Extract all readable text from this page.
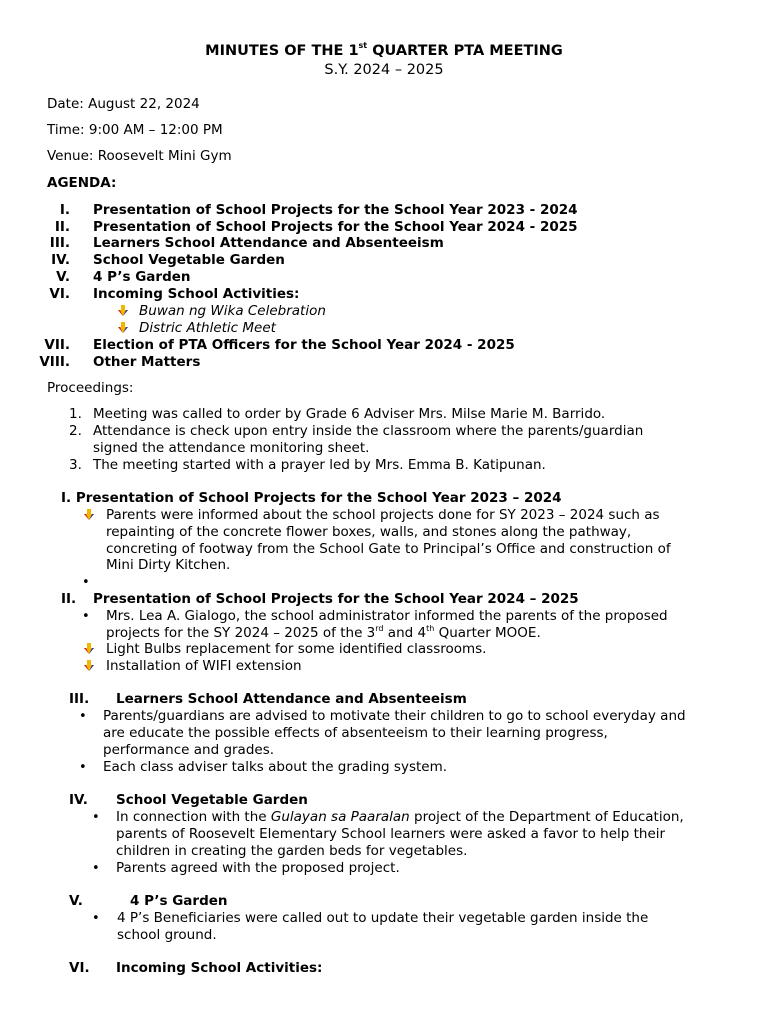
MINUTES OF THE 1st QUARTER PTA MEETING
S.Y. 2024 – 2025
Date: August 22, 2024
Time: 9:00 AM – 12:00 PM
Venue: Roosevelt Mini Gym
AGENDA:
I. Presentation of School Projects for the School Year 2023 - 2024
II. Presentation of School Projects for the School Year 2024 - 2025
III. Learners School Attendance and Absenteeism
IV. School Vegetable Garden
V. 4 P’s Garden
VI. Incoming School Activities:
Buwan ng Wika Celebration
Distric Athletic Meet
VII. Election of PTA Officers for the School Year 2024 - 2025
VIII. Other Matters
Proceedings:
1. Meeting was called to order by Grade 6 Adviser Mrs. Milse Marie M. Barrido.
2. Attendance is check upon entry inside the classroom where the parents/guardian
signed the attendance monitoring sheet.
3. The meeting started with a prayer led by Mrs. Emma B. Katipunan.
I. Presentation of School Projects for the School Year 2023 – 2024
Parents were informed about the school projects done for SY 2023 – 2024 such as
repainting of the concrete flower boxes, walls, and stones along the pathway,
concreting of footway from the School Gate to Principal’s Office and construction of
Mini Dirty Kitchen.
•
II. Presentation of School Projects for the School Year 2024 – 2025
• Mrs. Lea A. Gialogo, the school administrator informed the parents of the proposed
projects for the SY 2024 – 2025 of the 3rd and 4th Quarter MOOE.
Light Bulbs replacement for some identified classrooms.
Installation of WIFI extension
III. Learners School Attendance and Absenteeism
• Parents/guardians are advised to motivate their children to go to school everyday and
are educate the possible effects of absenteeism to their learning progress,
performance and grades.
• Each class adviser talks about the grading system.
IV. School Vegetable Garden
• In connection with the Gulayan sa Paaralan project of the Department of Education,
parents of Roosevelt Elementary School learners were asked a favor to help their
children in creating the garden beds for vegetables.
• Parents agreed with the proposed project.
V.	4 P’s Garden
• 4 P’s Beneficiaries were called out to update their vegetable garden inside the
school ground.
VI. Incoming School Activities:
